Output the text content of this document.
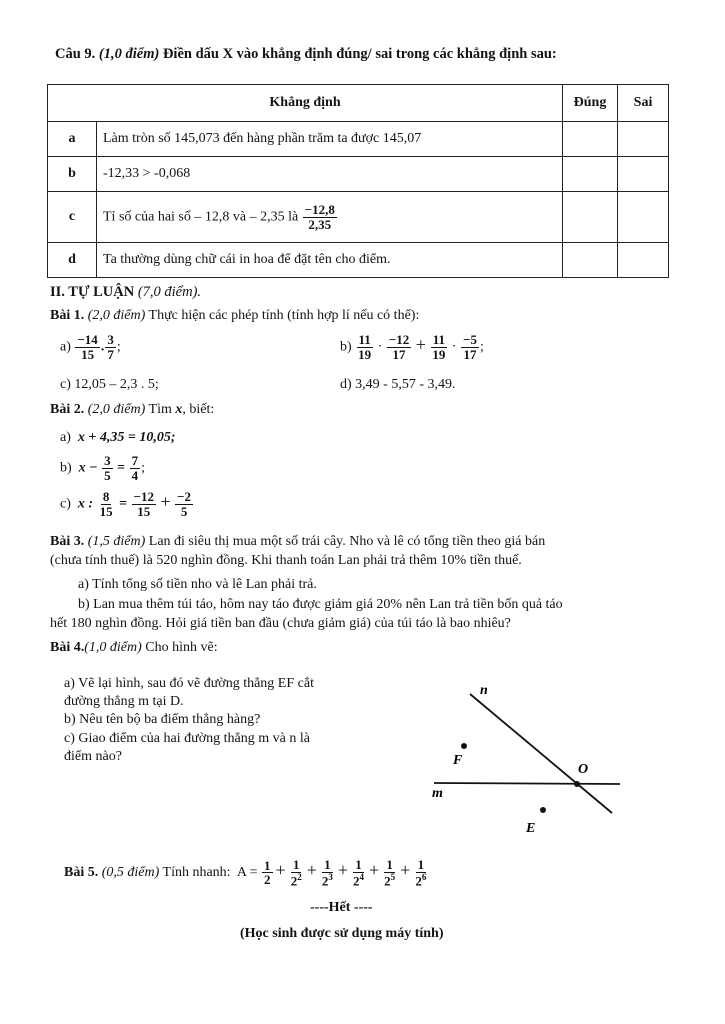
Câu 9. (1,0 điểm) Điền dấu X vào khẳng định đúng/ sai trong các khẳng định sau:
Khẳng định		Đúng	Sai
a	Làm tròn số 145,073 đến hàng phần trăm ta được 145,07		
b	-12,33 > -0,068		
c	Tỉ số của hai số – 12,8 và – 2,35 là $\frac{-12,8}{2,35}$

d	Ta thường dùng chữ cái in hoa để đặt tên cho điểm.		
II. TỰ LUẬN (7,0 điểm).
Bài 1. (2,0 điểm) Thực hiện các phép tính (tính hợp lí nếu có thể):
$a) \frac{-14}{15}$ . $\frac{3}{7}$ ;	$b) \frac{11}{19} \cdot \frac{-12}{17} + \frac{11}{19} \cdot \frac{-5}{17}$ ;
c) 12,05 – 2,3 . 5;	d) 3,49 - 5,57 - 3,49.
Bài 2. (2,0 điểm) Tìm x, biết:
a) x + 4,35 = 10,05;
b) $x - \frac{3}{5} = \frac{7}{4}$ ;
c) x : $\frac{8}{15} = \frac{-12}{15} + \frac{-2}{5}$
Bài 3. (1,5 điểm) Lan đi siêu thị mua một số trái cây. Nho và lê có tổng tiền theo giá bán
(chưa tính thuế) là 520 nghìn đồng. Khi thanh toán Lan phải trả thêm 10% tiền thuế.
a) Tính tổng số tiền nho và lê Lan phải trả.
b) Lan mua thêm túi táo, hôm nay táo được giảm giá 20% nên Lan trả tiền bốn quả táo
hết 180 nghìn đồng. Hỏi giá tiền ban đầu (chưa giảm giá) của túi táo là bao nhiêu?
Bài 4.(1,0 điểm) Cho hình vẽ:
a) Vẽ lại hình, sau đó vẽ đường thẳng EF cắt
đường thẳng m tại D.
b) Nêu tên bộ ba điểm thẳng hàng?
c) Giao điểm của hai đường thẳng m và n là
điểm nào?
n
F
O
m
E
Bài 5. (0,5 điểm) Tính nhanh: $A = \frac{1}{2} + \frac{1}{2^2} + \frac{1}{2^3} + \frac{1}{2^4} + \frac{1}{2^5} + \frac{1}{2^6}$
----Hết ----
(Học sinh được sử dụng máy tính)
